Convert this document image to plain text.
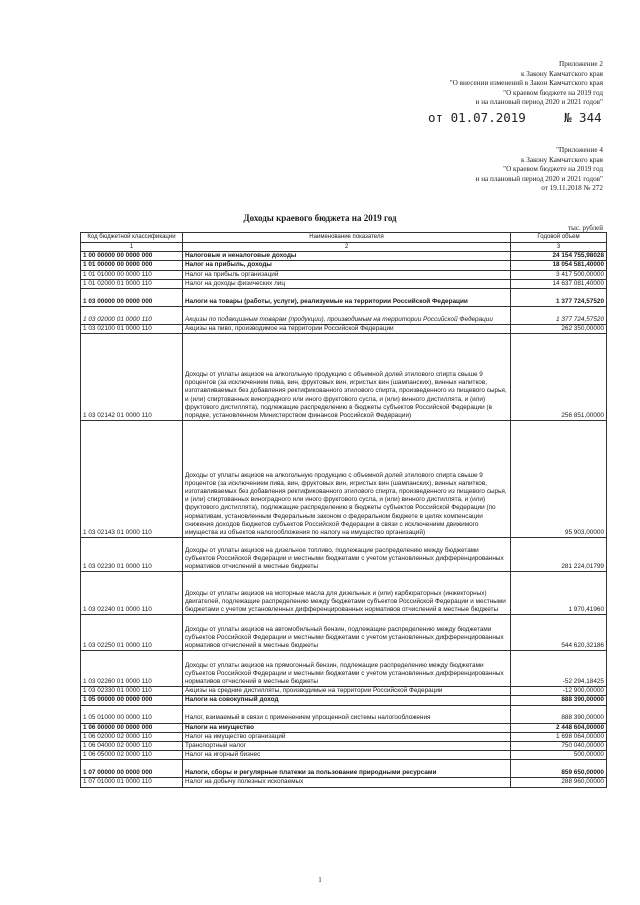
Приложение 2
к Закону Камчатского края
"О внесении изменений в Закон Камчатского края
"О краевом бюджете на 2019 год
и на плановый период 2020 и 2021 годов"
от 01.07.2019	№ 344
"Приложение 4
к Закону Камчатского края
"О краевом бюджете на 2019 год
и на плановый период 2020 и 2021 годов"
от 19.11.2018 № 272
Доходы краевого бюджета на 2019 год
тыс. рублей
Код бюджетной классификации	Наименование показателя	Годовой объем
1	2	3
1 00 00000 00 0000 000	Налоговые и неналоговые доходы	24 154 755,98028
1 01 00000 00 0000 000	Налог на прибыль, доходы	18 054 581,40000
1 01 01000 00 0000 110	Налог на прибыль организаций	3 417 500,00000
1 01 02000 01 0000 110	Налог на доходы физических лиц	14 637 081,40000
1 03 00000 00 0000 000	Налоги на товары (работы, услуги), реализуемые на территории Российской Федерации	1 377 724,57520
1 03 02000 01 0000 110	Акцизы по подакцизным товарам (продукции), производимым на территории Российской Федерации	1 377 724,57520
1 03 02100 01 0000 110	Акцизы на пиво, производимое на территории Российской Федерации	262 350,00000
1 03 02142 01 0000 110	Доходы от уплаты акцизов на алкогольную продукцию с объемной долей этилового спирта свыше 9 процентов (за исключением пива, вин, фруктовых вин, игристых вин (шампанских), винных напитков, изготавливаемых без добавления ректификованного этилового спирта, произведенного из пищевого сырья, и (или) спиртованных виноградного или иного фруктового сусла, и (или) винного дистиллята, и (или) фруктового дистиллята), подлежащие распределению в бюджеты субъектов Российской Федерации (в порядке, установленном Министерством финансов Российской Федерации)	256 851,00000
1 03 02143 01 0000 110	Доходы от уплаты акцизов на алкогольную продукцию с объемной долей этилового спирта свыше 9 процентов (за исключением пива, вин, фруктовых вин, игристых вин (шампанских), винных напитков, изготавливаемых без добавления ректификованного этилового спирта, произведенного из пищевого сырья, и (или) спиртованных виноградного или иного фруктового сусла, и (или) винного дистиллята, и (или) фруктового дистиллята), подлежащие распределению в бюджеты субъектов Российской Федерации (по нормативам, установленным Федеральным законом о федеральном бюджете в целях компенсации снижения доходов бюджетов субъектов Российской Федерации в связи с исключением движимого имущества из объектов налогообложения по налогу на имущество организаций)	95 903,00000
1 03 02230 01 0000 110	Доходы от уплаты акцизов на дизельное топливо, подлежащие распределению между бюджетами субъектов Российской Федерации и местными бюджетами с учетом установленных дифференцированных нормативов отчислений в местные бюджеты	281 224,01799
1 03 02240 01 0000 110	Доходы от уплаты акцизов на моторные масла для дизельных и (или) карбюраторных (инжекторных) двигателей, подлежащие распределению между бюджетами субъектов Российской Федерации и местными бюджетами с учетом установленных дифференцированных нормативов отчислений в местные бюджеты	1 970,41960
1 03 02250 01 0000 110	Доходы от уплаты акцизов на автомобильный бензин, подлежащие распределению между бюджетами субъектов Российской Федерации и местными бюджетами с учетом установленных дифференцированных нормативов отчислений в местные бюджеты	544 620,32186
1 03 02260 01 0000 110	Доходы от уплаты акцизов на прямогонный бензин, подлежащие распределению между бюджетами субъектов Российской Федерации и местными бюджетами с учетом установленных дифференцированных нормативов отчислений в местные бюджеты	-52 294,18425
1 03 02330 01 0000 110	Акцизы на средние дистилляты, производимые на территории Российской Федерации	-12 900,00000
1 05 00000 00 0000 000	Налоги на совокупный доход	888 390,00000
1 05 01000 00 0000 110	Налог, взимаемый в связи с применением упрощенной системы налогообложения	888 390,00000
1 06 00000 00 0000 000	Налоги на имущество	2 448 604,00000
1 06 02000 02 0000 110	Налог на имущество организаций	1 698 064,00000
1 06 04000 02 0000 110	Транспортный налог	750 040,00000
1 06 05000 02 0000 110	Налог на игорный бизнес	500,00000
1 07 00000 00 0000 000	Налоги, сборы и регулярные платежи за пользование природными ресурсами	859 650,00000
1 07 01000 01 0000 110	Налог на добычу полезных ископаемых	288 960,00000
1
